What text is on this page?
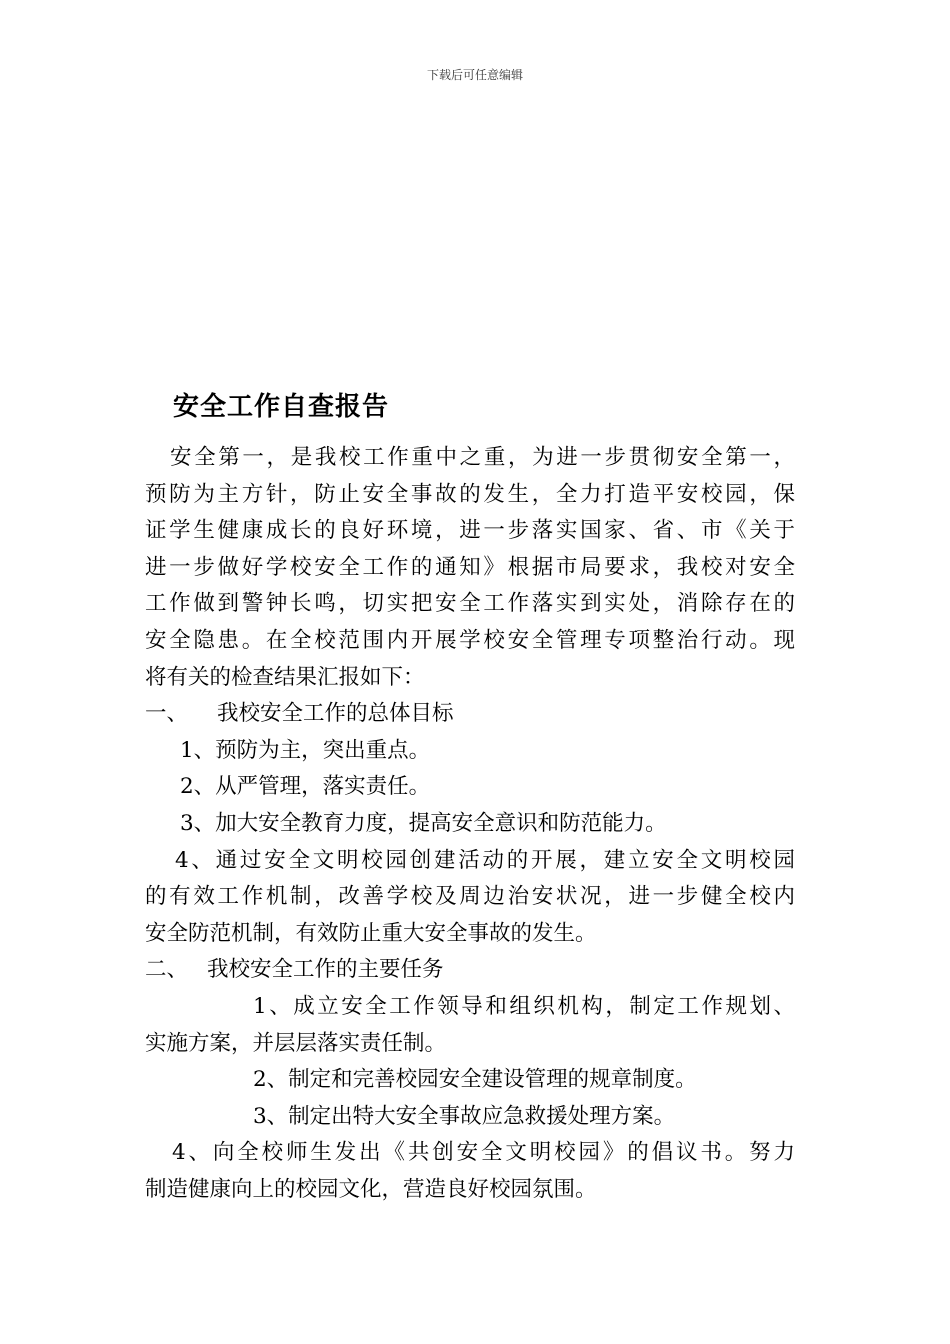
下载后可任意编辑
安全工作自查报告
安全第一，是我校工作重中之重，为进一步贯彻安全第一，
预防为主方针，防止安全事故的发生，全力打造平安校园，保
证学生健康成长的良好环境，进一步落实国家、省、市《关于
进一步做好学校安全工作的通知》根据市局要求，我校对安全
工作做到警钟长鸣，切实把安全工作落实到实处，消除存在的
安全隐患。在全校范围内开展学校安全管理专项整治行动。现
将有关的检查结果汇报如下：
一、 我校安全工作的总体目标
1、预防为主，突出重点。
2、从严管理，落实责任。
3、加大安全教育力度，提高安全意识和防范能力。
4、通过安全文明校园创建活动的开展，建立安全文明校园
的有效工作机制，改善学校及周边治安状况，进一步健全校内
安全防范机制，有效防止重大安全事故的发生。
二、 我校安全工作的主要任务
1、成立安全工作领导和组织机构，制定工作规划、
实施方案，并层层落实责任制。
2、制定和完善校园安全建设管理的规章制度。
3、制定出特大安全事故应急救援处理方案。
4、向全校师生发出《共创安全文明校园》的倡议书。努力
制造健康向上的校园文化，营造良好校园氛围。
